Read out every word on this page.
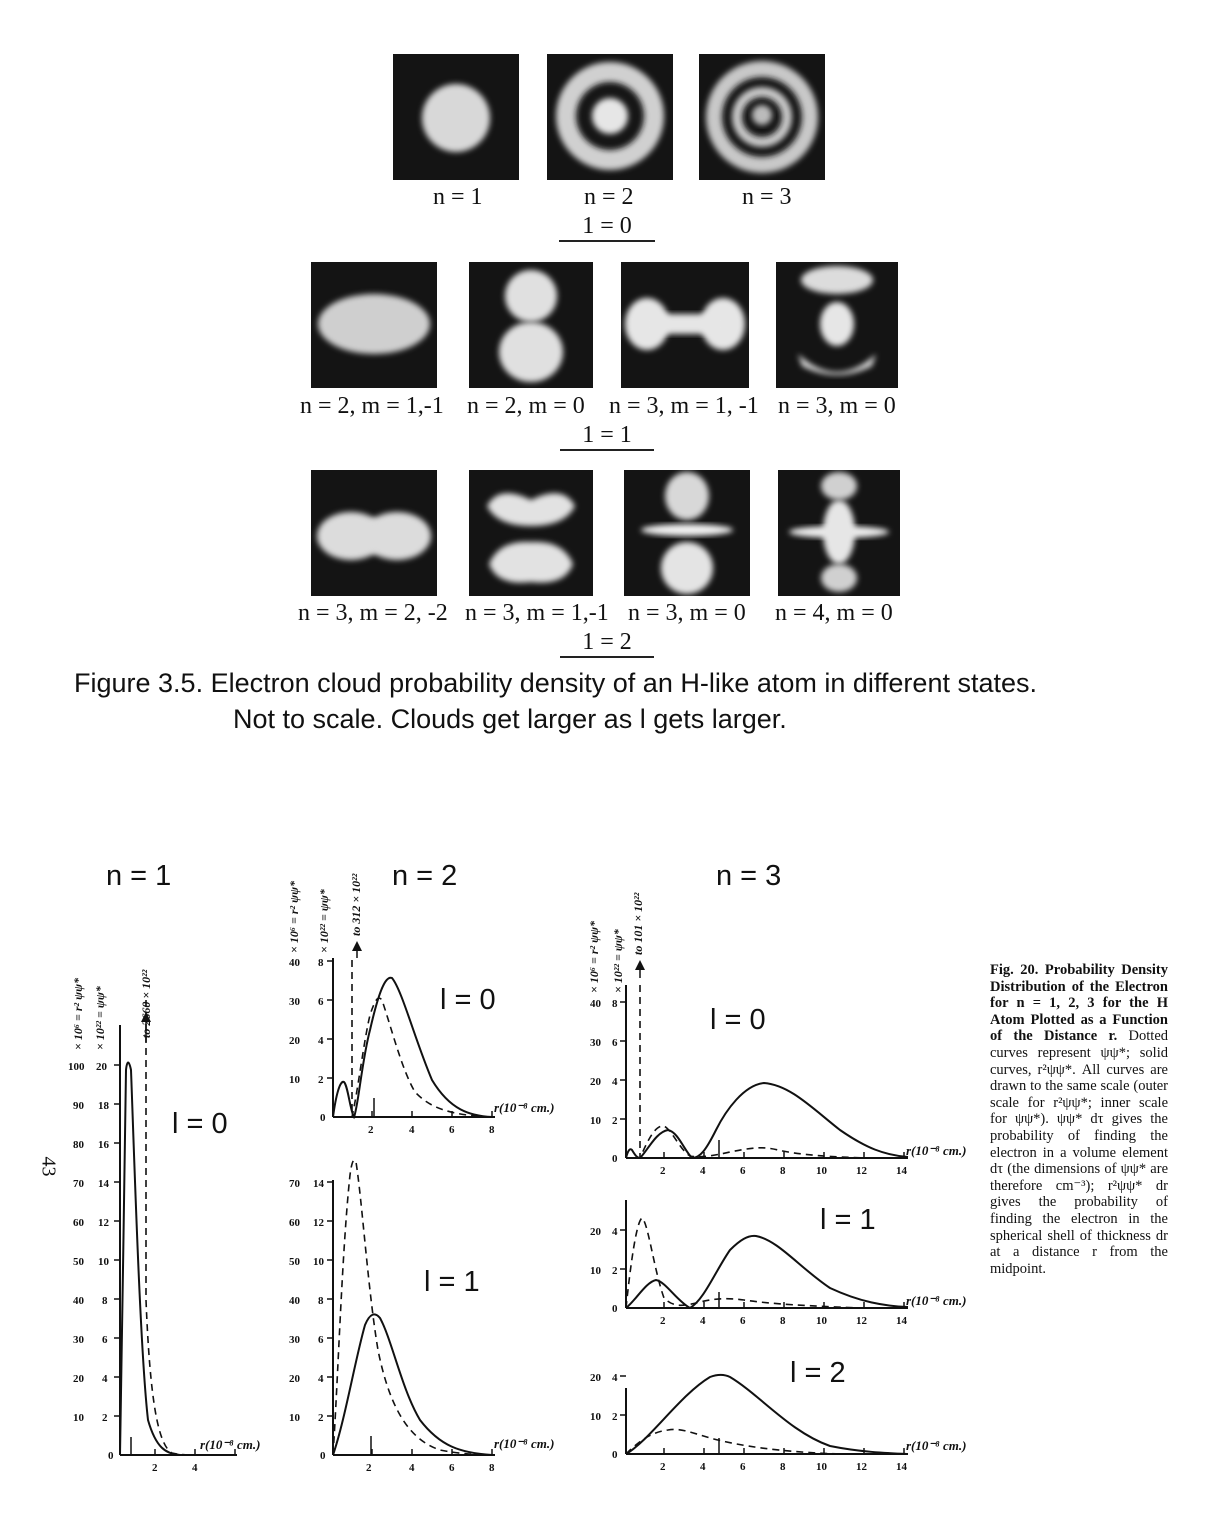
n = 1	n = 2	n = 3
1 = 0
n = 2, m = 1,-1 n = 2, m = 0 n = 3, m = 1, -1 n = 3, m = 0
1 = 1
n = 3, m = 2, -2 n = 3, m = 1,-1 n = 3, m = 0 n = 4, m = 0
1 = 2
Figure 3.5. Electron cloud probability density of an H-like atom in different states.
Not to scale. Clouds get larger as l gets larger.
n = 1	n = 2	n = 3
43
100
90
80
70
60
50
40
30
20
10
0
20
18
16
14
12
10
8
6
4
2
2	4
40
30
20
10
0
8
6
4
2
70
60
50
40
30
20
10
0
14
12
10
8
6
4
2
2	4	6	8
2	4	6	8
40
30
20
10
0
8
6
4
2
20
10
0
4
2
20
10
0
4
2
2	4	6	8	10	12	14
2	4	6	8	10	12	14
2	4	6	8	10	12	14
r(10⁻⁸ cm.)
r(10⁻⁸ cm.)
r(10⁻⁸ cm.)
r(10⁻⁸ cm.)
r(10⁻⁸ cm.)
r(10⁻⁸ cm.)
× 10⁶ = r² ψψ* × 10²² = ψψ*	to 2660 × 10²²
× 10⁶ = r² ψψ* × 10²² = ψψ* to 312 × 10²²
× 10⁶ = r² ψψ* × 10²² = ψψ*
to 101 × 10²²
l = 0
l = 0
l = 1
l = 0
l = 1
l = 2
Fig. 20. Probability Density Distribution of the Electron for n = 1, 2, 3 for the H Atom Plotted as a Function of the Distance r. Dotted curves represent ψψ*; solid curves, r²ψψ*. All curves are drawn to the same scale (outer scale for r²ψψ*; inner scale for ψψ*). ψψ* dτ gives the probability of finding the electron in a volume element dτ (the dimensions of ψψ* are therefore cm⁻³); r²ψψ* dr gives the probability of finding the electron in the spherical shell of thickness dr at a distance r from the midpoint.
